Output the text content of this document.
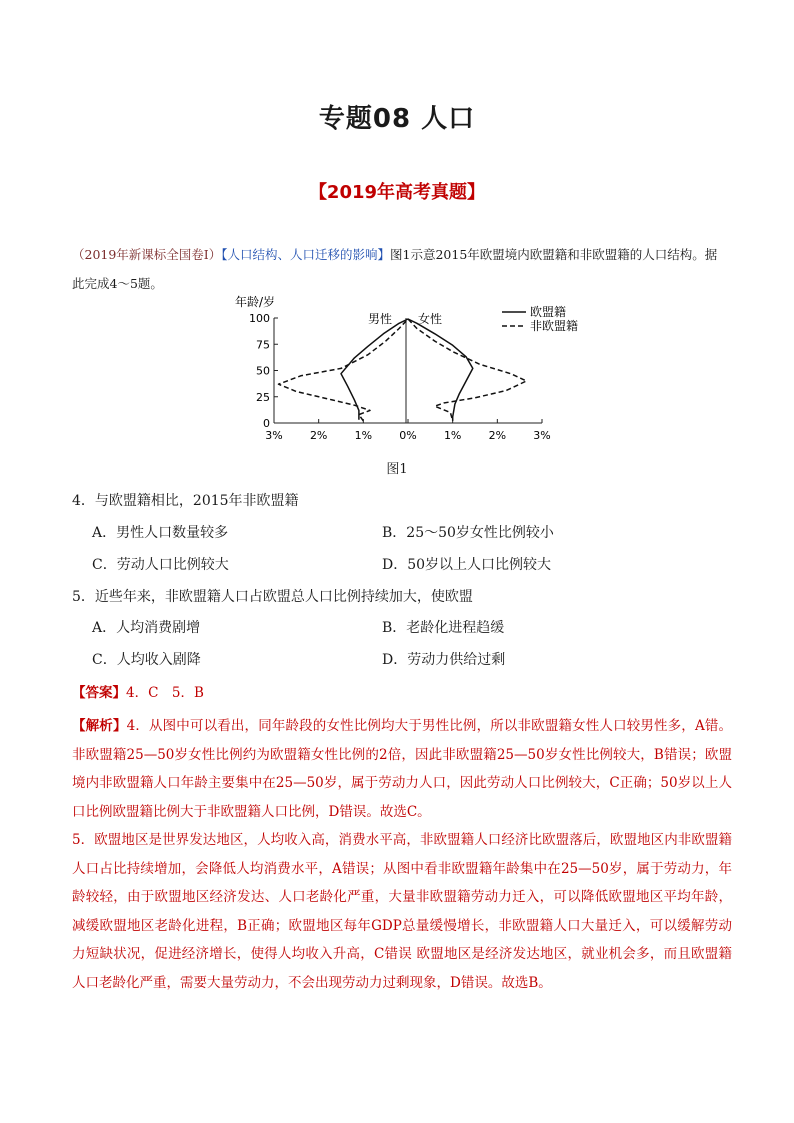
专题08 人口
【2019年高考真题】
（2019年新课标全国卷Ⅰ）【人口结构、人口迁移的影响】图1示意2015年欧盟境内欧盟籍和非欧盟籍的人口结构。据此完成4～5题。
年龄/岁
100
75
50
25
0
3% 2% 1% 0% 1% 2% 3%
男性 女性	欧盟籍
非欧盟籍
图1
4．与欧盟籍相比，2015年非欧盟籍
A．男性人口数量较多	B．25～50岁女性比例较小
C．劳动人口比例较大	D．50岁以上人口比例较大
5．近些年来，非欧盟籍人口占欧盟总人口比例持续加大，使欧盟
A．人均消费剧增	B．老龄化进程趋缓
C．人均收入剧降	D．劳动力供给过剩
【答案】4．C　5．B

【解析】4．从图中可以看出，同年龄段的女性比例均大于男性比例，所以非欧盟籍女性人口较男性多，A错。非欧盟籍25—50岁女性比例约为欧盟籍女性比例的2倍，因此非欧盟籍25—50岁女性比例较大，B错误；欧盟境内非欧盟籍人口年龄主要集中在25—50岁，属于劳动力人口，因此劳动人口比例较大，C正确；50岁以上人口比例欧盟籍比例大于非欧盟籍人口比例，D错误。故选C。

5．欧盟地区是世界发达地区，人均收入高，消费水平高，非欧盟籍人口经济比欧盟落后，欧盟地区内非欧盟籍人口占比持续增加，会降低人均消费水平，A错误；从图中看非欧盟籍年龄集中在25—50岁，属于劳动力，年龄较轻，由于欧盟地区经济发达、人口老龄化严重，大量非欧盟籍劳动力迁入，可以降低欧盟地区平均年龄，减缓欧盟地区老龄化进程，B正确；欧盟地区每年GDP总量缓慢增长，非欧盟籍人口大量迁入，可以缓解劳动力短缺状况，促进经济增长，使得人均收入升高，C错误 欧盟地区是经济发达地区，就业机会多，而且欧盟籍人口老龄化严重，需要大量劳动力，不会出现劳动力过剩现象，D错误。故选B。
